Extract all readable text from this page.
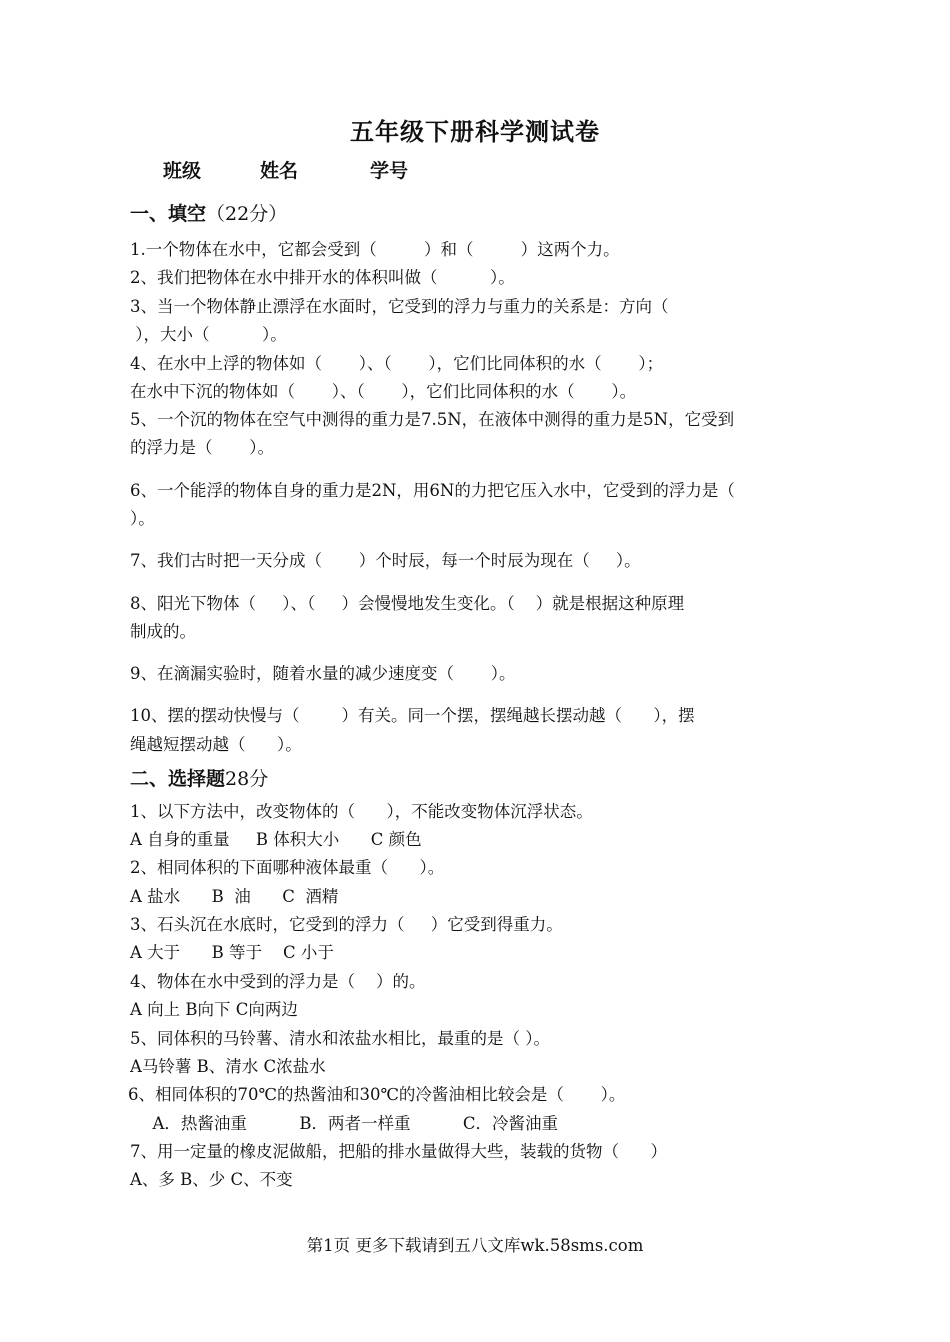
五年级下册科学测试卷
班级	姓名	学号
一、填空（22分）
1.一个物体在水中，它都会受到（         ）和（         ）这两个力。
2、我们把物体在水中排开水的体积叫做（          ）。
3、当一个物体静止漂浮在水面时，它受到的浮力与重力的关系是：方向（
），大小（          ）。
4、在水中上浮的物体如（       ）、（       ），它们比同体积的水（       ）；
在水中下沉的物体如（       ）、（       ），它们比同体积的水（       ）。
5、一个沉的物体在空气中测得的重力是7.5N，在液体中测得的重力是5N，它受到
的浮力是（       ）。
6、一个能浮的物体自身的重力是2N，用6N的力把它压入水中，它受到的浮力是（
）。
7、我们古时把一天分成（       ）个时辰，每一个时辰为现在（     ）。
8、阳光下物体（     ）、（     ）会慢慢地发生变化。（    ）就是根据这种原理
制成的。
9、在滴漏实验时，随着水量的减少速度变（       ）。
10、摆的摆动快慢与（        ）有关。同一个摆，摆绳越长摆动越（      ），摆
绳越短摆动越（      ）。
二、选择题28分
1、以下方法中，改变物体的（      ），不能改变物体沉浮状态。
A 自身的重量     B 体积大小      C 颜色
2、相同体积的下面哪种液体最重（      ）。
A 盐水      B  油      C  酒精
3、石头沉在水底时，它受到的浮力（     ）它受到得重力。
A 大于      B 等于    C 小于
4、物体在水中受到的浮力是（    ）的。
A 向上 B向下 C向两边
5、同体积的马铃薯、清水和浓盐水相比，最重的是（ ）。
A马铃薯 B、清水 C浓盐水
6、相同体积的70℃的热酱油和30℃的冷酱油相比较会是（       ）。
A．热酱油重          B．两者一样重          C．冷酱油重
7、用一定量的橡皮泥做船，把船的排水量做得大些，装载的货物（      ）
A、多 B、少 C、不变
第1页 更多下载请到五八文库wk.58sms.com
